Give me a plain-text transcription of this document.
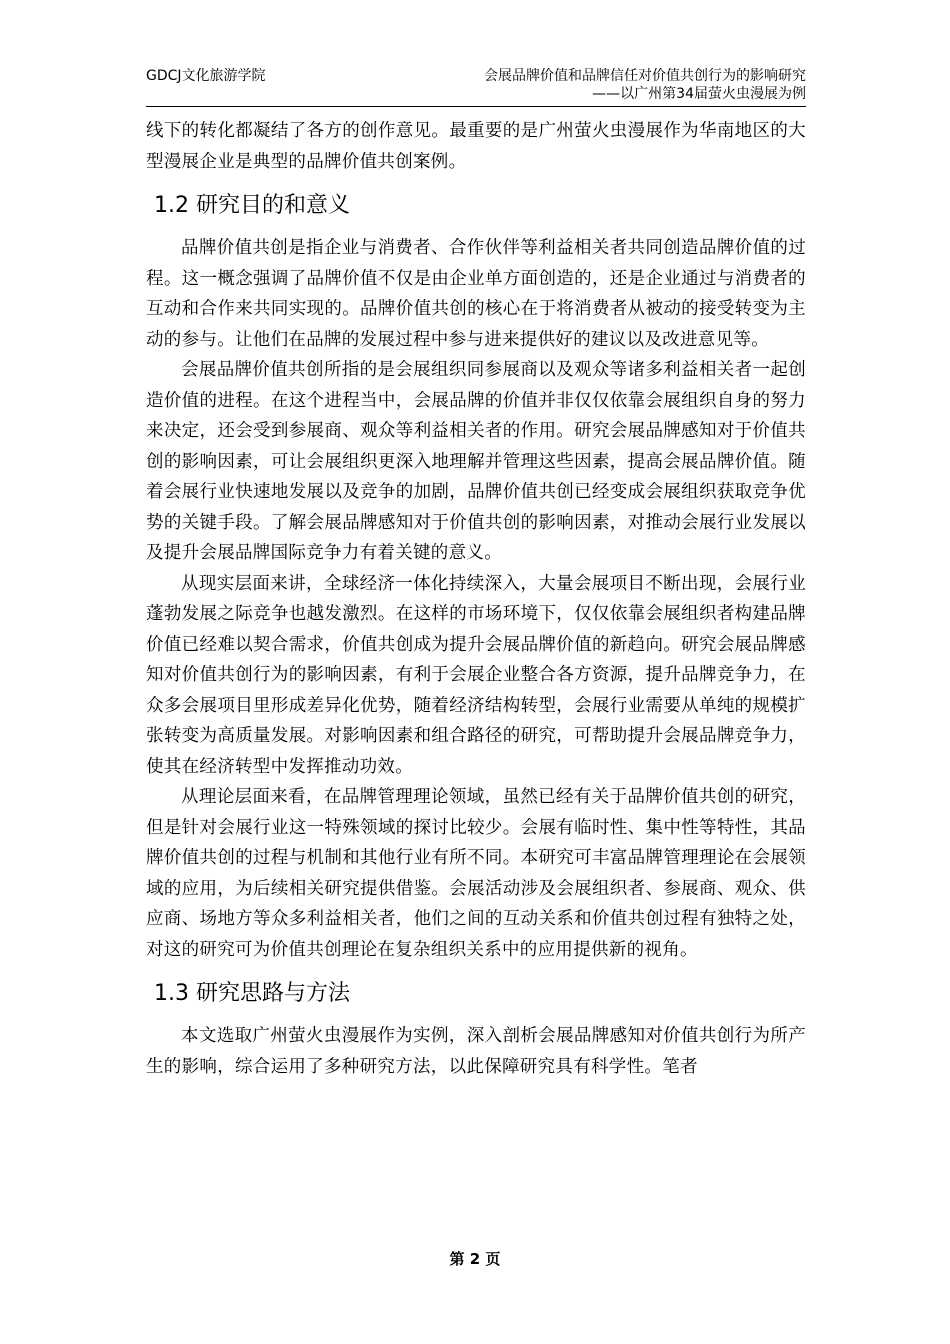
GDCJ文化旅游学院	会展品牌价值和品牌信任对价值共创行为的影响研究
——以广州第34届萤火虫漫展为例

线下的转化都凝结了各方的创作意见。最重要的是广州萤火虫漫展作为华南地区的大型漫展企业是典型的品牌价值共创案例。

1.2 研究目的和意义

品牌价值共创是指企业与消费者、合作伙伴等利益相关者共同创造品牌价值的过程。这一概念强调了品牌价值不仅是由企业单方面创造的，还是企业通过与消费者的互动和合作来共同实现的。品牌价值共创的核心在于将消费者从被动的接受转变为主动的参与。让他们在品牌的发展过程中参与进来提供好的建议以及改进意见等。

会展品牌价值共创所指的是会展组织同参展商以及观众等诸多利益相关者一起创造价值的进程。在这个进程当中，会展品牌的价值并非仅仅依靠会展组织自身的努力来决定，还会受到参展商、观众等利益相关者的作用。研究会展品牌感知对于价值共创的影响因素，可让会展组织更深入地理解并管理这些因素，提高会展品牌价值。随着会展行业快速地发展以及竞争的加剧，品牌价值共创已经变成会展组织获取竞争优势的关键手段。了解会展品牌感知对于价值共创的影响因素，对推动会展行业发展以及提升会展品牌国际竞争力有着关键的意义。

从现实层面来讲，全球经济一体化持续深入，大量会展项目不断出现，会展行业蓬勃发展之际竞争也越发激烈。在这样的市场环境下，仅仅依靠会展组织者构建品牌价值已经难以契合需求，价值共创成为提升会展品牌价值的新趋向。研究会展品牌感知对价值共创行为的影响因素，有利于会展企业整合各方资源，提升品牌竞争力，在众多会展项目里形成差异化优势，随着经济结构转型，会展行业需要从单纯的规模扩张转变为高质量发展。对影响因素和组合路径的研究，可帮助提升会展品牌竞争力，使其在经济转型中发挥推动功效。

从理论层面来看，在品牌管理理论领域，虽然已经有关于品牌价值共创的研究，但是针对会展行业这一特殊领域的探讨比较少。会展有临时性、集中性等特性，其品牌价值共创的过程与机制和其他行业有所不同。本研究可丰富品牌管理理论在会展领域的应用，为后续相关研究提供借鉴。会展活动涉及会展组织者、参展商、观众、供应商、场地方等众多利益相关者，他们之间的互动关系和价值共创过程有独特之处，对这的研究可为价值共创理论在复杂组织关系中的应用提供新的视角。

1.3 研究思路与方法

本文选取广州萤火虫漫展作为实例，深入剖析会展品牌感知对价值共创行为所产生的影响，综合运用了多种研究方法，以此保障研究具有科学性。笔者

第 2 页
